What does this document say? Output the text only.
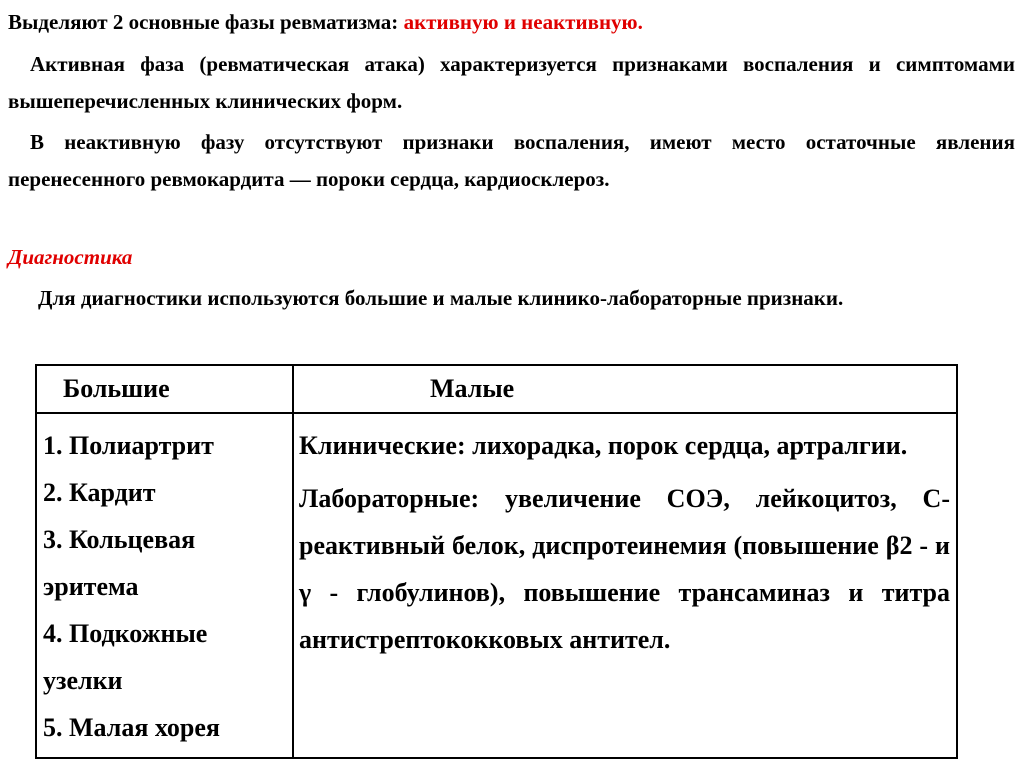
Выделяют 2 основные фазы ревматизма: активную и неактивную.
Активная фаза (ревматическая атака) характеризуется признаками воспаления и симптомами вышеперечисленных клинических форм.
В неактивную фазу отсутствуют признаки воспаления, имеют место остаточные явления перенесенного ревмокардита — пороки сердца, кардиосклероз.
Диагностика
Для диагностики используются большие и малые клинико-лабораторные признаки.
Большие	Малые
1. Полиартрит
2. Кардит
3. Кольцевая эритема
4. Подкожные узелки
5. Малая хорея

Клинические: лихорадка, порок сердца, артралгии.

Лабораторные: увеличение СОЭ, лейкоцитоз, С-реактивный белок, диспротеинемия (повышение β2 - и γ - глобулинов), повышение трансаминаз и титра антистрептококковых антител.
